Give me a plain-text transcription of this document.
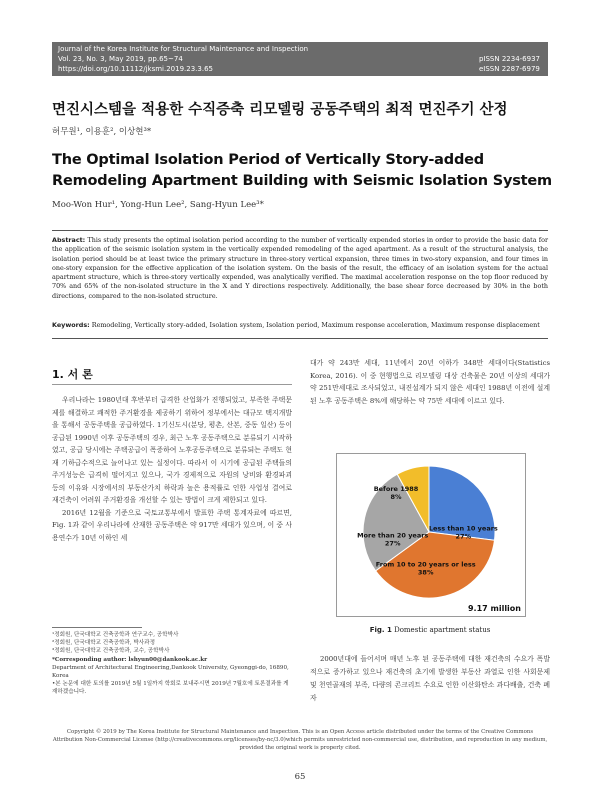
Journal of the Korea Institute for Structural Maintenance and Inspection
Vol. 23, No. 3, May 2019, pp.65~74
https://doi.org/10.11112/jksmi.2019.23.3.65
pISSN 2234-6937
eISSN 2287-6979
면진시스템을 적용한 수직증축 리모델링 공동주택의 최적 면진주기 산정
허무원¹, 이용훈², 이상현³*
The Optimal Isolation Period of Vertically Story-added Remodeling Apartment Building with Seismic Isolation System
Moo-Won Hur¹, Yong-Hun Lee², Sang-Hyun Lee³*
Abstract: This study presents the optimal isolation period according to the number of vertically expended stories in order to provide the basic data for the application of the seismic isolation system in the vertically expended remodeling of the aged apartment. As a result of the structural analysis, the isolation period should be at least twice the primary structure in three-story vertical expansion, three times in two-story expansion, and four times in one-story expansion for the effective application of the isolation system. On the basis of the result, the efficacy of an isolation system for the actual apartment structure, which is three-story vertically expended, was analytically verified. The maximal acceleration response on the top floor reduced by 70% and 65% of the non-isolated structure in the X and Y directions respectively. Additionally, the base shear force decreased by 30% in the both directions, compared to the non-isolated structure.
Keywords: Remodeling, Vertically story-added, Isolation system, Isolation period, Maximum response acceleration, Maximum response displacement
1. 서 론

우리나라는 1980년대 후반부터 급격한 산업화가 진행되었고, 부족한 주택문제를 해결하고 쾌적한 주거환경을 제공하기 위하여 정부에서는 대규모 택지개발을 통해서 공동주택을 공급하였다. 1기신도시(분당, 평촌, 산본, 중동 일산) 등이 공급된 1990년 이후 공동주택의 경우, 최근 노후 공동주택으로 분류되기 시작하였고, 공급 당시에는 주택공급이 폭증하여 노후공동주택으로 분류되는 주택도 현재 기하급수적으로 늘어나고 있는 실정이다. 따라서 이 시기에 공급된 주택들의 주거성능은 급격히 떨어지고 있으나, 국가 경제적으로 자원의 낭비와 환경파괴 등의 이유와 시장에서의 부동산가치 하락과 높은 용적률로 인한 사업성 결여로 재건축이 어려워 주거환경을 개선할 수 있는 방법이 크게 제한되고 있다.

2016년 12월을 기준으로 국토교통부에서 발표한 주택 통계자료에 따르면, Fig. 1과 같이 우리나라에 산재한 공동주택은 약 917만 세대가 있으며, 이 중 사용연수가 10년 이하인 세

대가 약 243만 세대, 11년에서 20년 이하가 348만 세대이다(Statistics Korea, 2016). 이 중 현행법으로 리모델링 대상 건축물은 20년 이상의 세대가 약 251만세대로 조사되었고, 내진설계가 되지 않은 세대인 1988년 이전에 설계된 노후 공동주택은 8%에 해당하는 약 75만 세대에 이르고 있다.
Less than 10 years
27%
From 10 to 20 years or less
38%
More than 20 years
27%
Before 1988
8%
9.17 million
Fig. 1 Domestic apartment status

2000년대에 들어서며 매년 노후 된 공동주택에 대한 재건축의 수요가 폭발적으로 증가하고 있으나 재건축의 초기에 발생한 부동산 과열로 인한 사회문제 및 천연골재의 부족, 다량의 콘크리트 수요로 인한 이산화탄소 과다배출, 건축 폐자

¹정회원, 단국대학교 건축공학과 연구교수, 공학박사
²정회원, 단국대학교 건축공학과, 박사과정
³정회원, 단국대학교 건축공학과, 교수, 공학박사
*Corresponding author: lshyun00@dankook.ac.kr
Department of Architectural Engineering,Dankook University, Gyeonggi-do, 16890, Korea
•본 논문에 대한 토의를 2019년 5월 1일까지 학회로 보내주시면 2019년 7월호에 토론결과를 게재하겠습니다.
Copyright © 2019 by The Korea Institute for Structural Maintenance and Inspection. This is an Open Access article distributed under the terms of the Creative Commons Attribution Non-Commercial License (http://creativecommons.org/licenses/by-nc/3.0)which permits unrestricted non-commercial use, distribution, and reproduction in any medium, provided the original work is properly cited.
65
